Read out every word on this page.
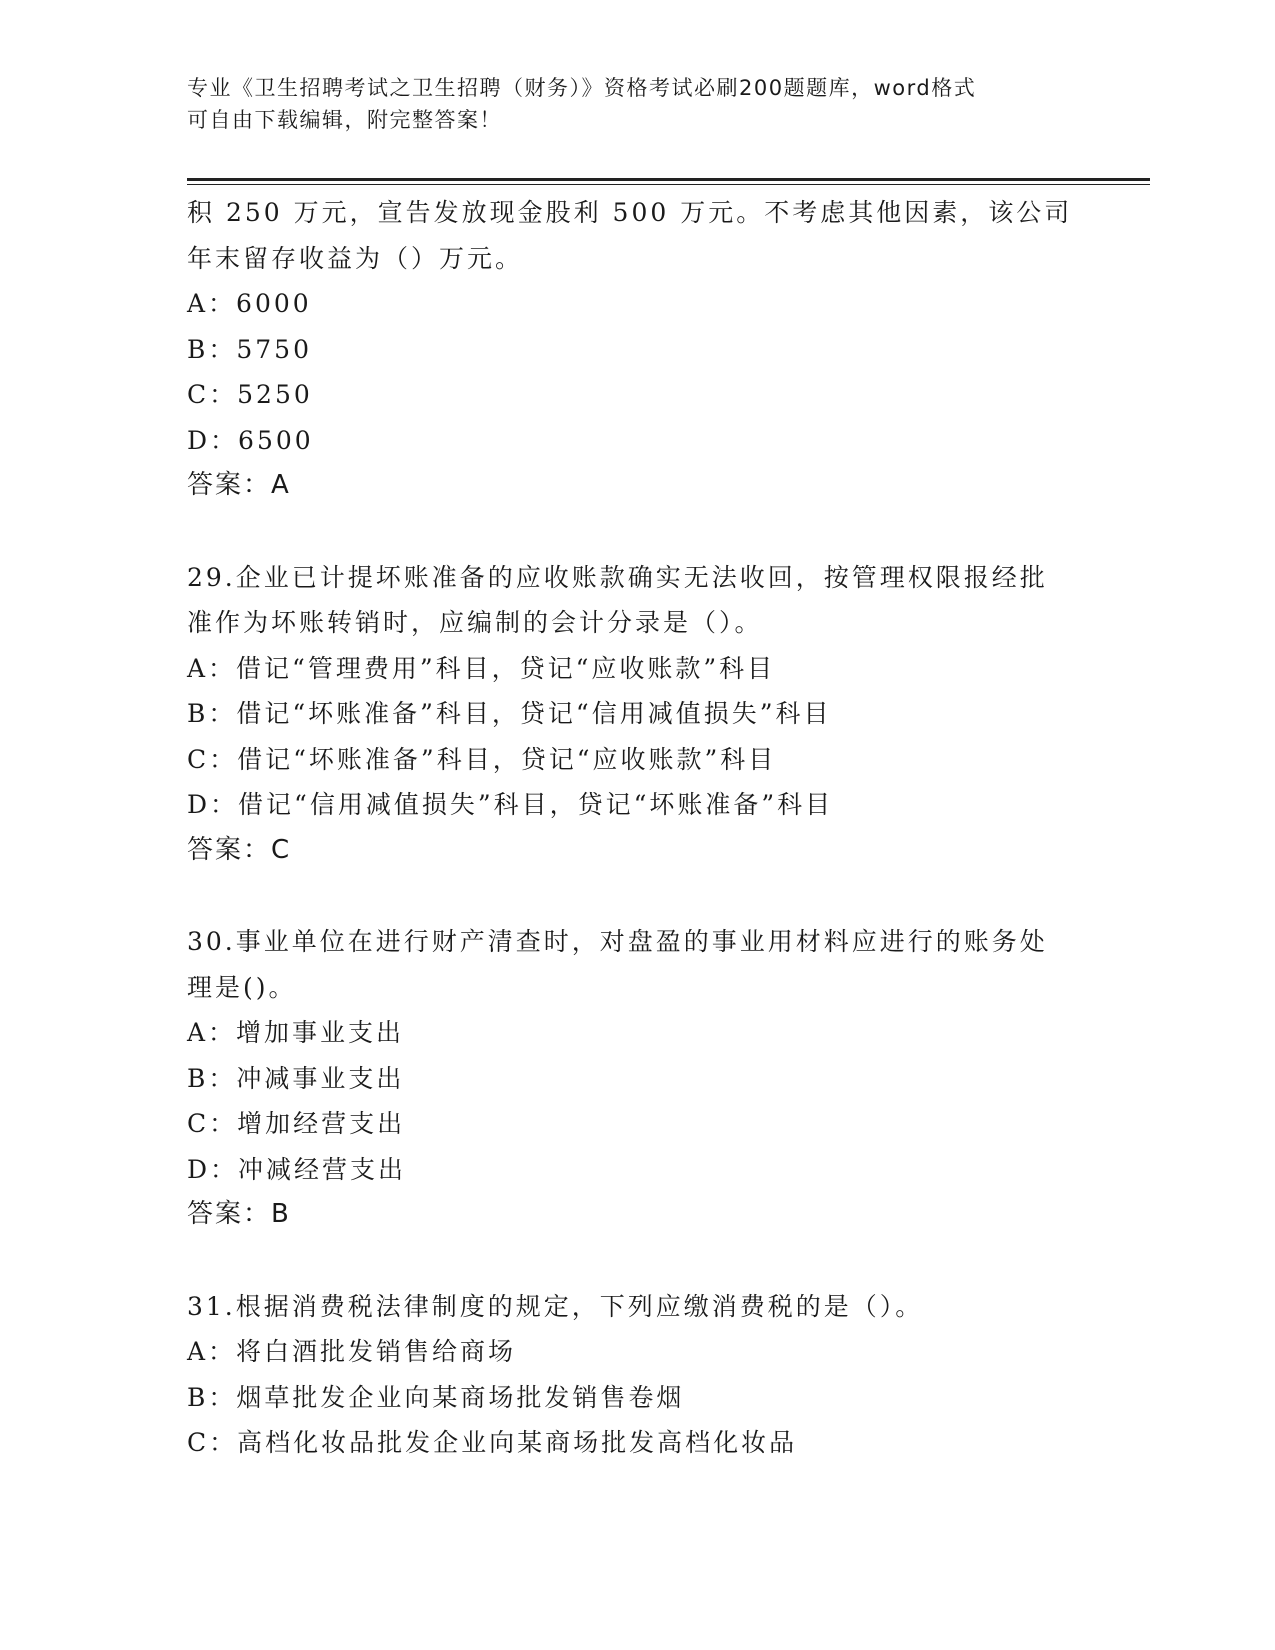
专业《卫生招聘考试之卫生招聘（财务）》资格考试必刷200题题库，word格式
可自由下载编辑，附完整答案！
积 250 万元，宣告发放现金股利 500 万元。不考虑其他因素，该公司
年末留存收益为（）万元。
A：6000
B：5750
C：5250
D：6500
答案：A
29.企业已计提坏账准备的应收账款确实无法收回，按管理权限报经批
准作为坏账转销时，应编制的会计分录是（）。
A：借记“管理费用”科目，贷记“应收账款”科目
B：借记“坏账准备”科目，贷记“信用减值损失”科目
C：借记“坏账准备”科目，贷记“应收账款”科目
D：借记“信用减值损失”科目，贷记“坏账准备”科目
答案：C
30.事业单位在进行财产清查时，对盘盈的事业用材料应进行的账务处
理是()。
A：增加事业支出
B：冲减事业支出
C：增加经营支出
D：冲减经营支出
答案：B
31.根据消费税法律制度的规定，下列应缴消费税的是（）。
A：将白酒批发销售给商场
B：烟草批发企业向某商场批发销售卷烟
C：高档化妆品批发企业向某商场批发高档化妆品
